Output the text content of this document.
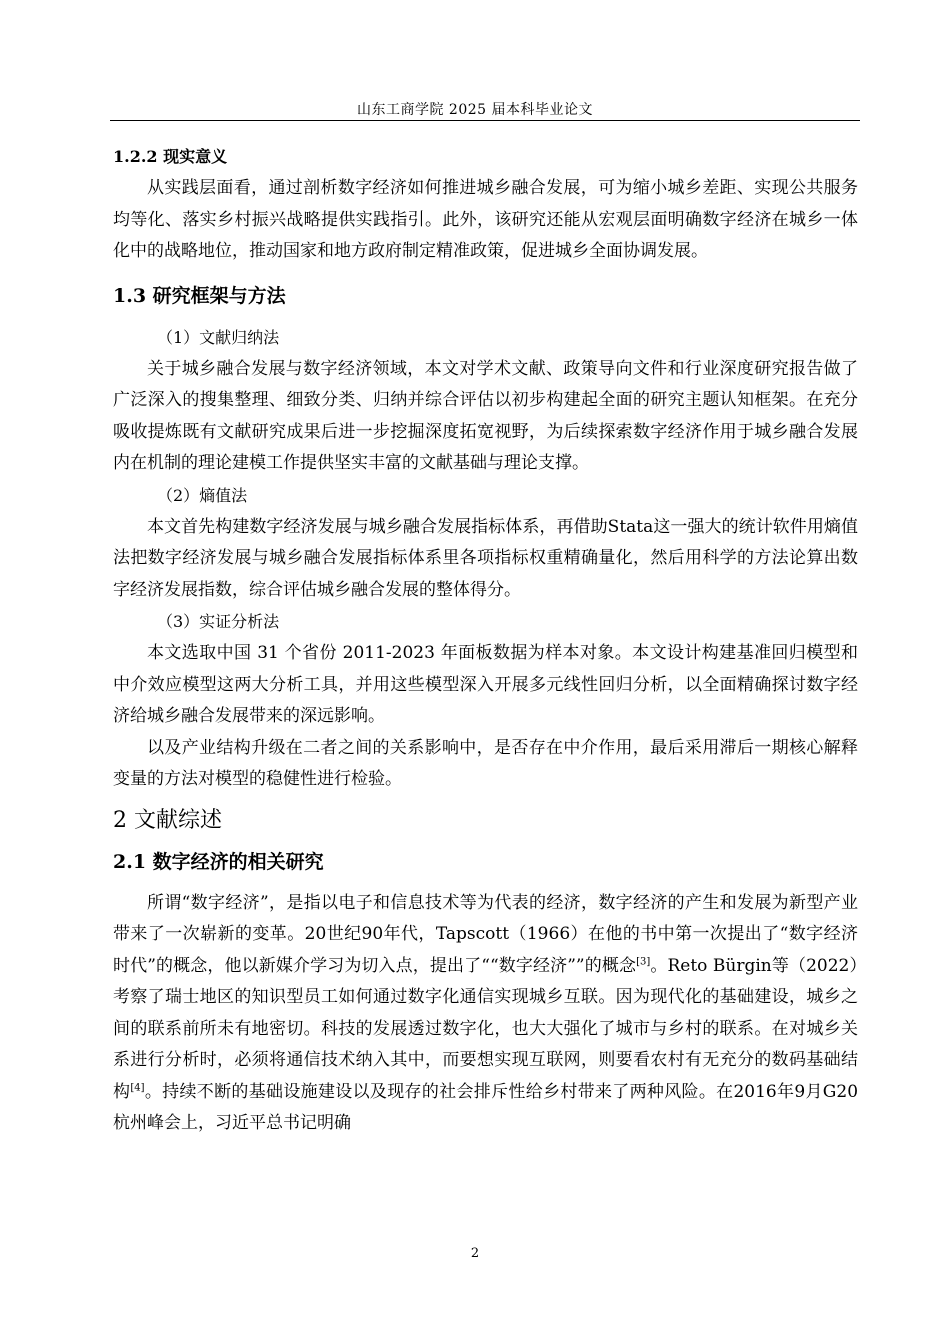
山东工商学院 2025 届本科毕业论文
1.2.2 现实意义

从实践层面看，通过剖析数字经济如何推进城乡融合发展，可为缩小城乡差距、实现公共服务均等化、落实乡村振兴战略提供实践指引。此外，该研究还能从宏观层面明确数字经济在城乡一体化中的战略地位，推动国家和地方政府制定精准政策，促进城乡全面协调发展。

1.3 研究框架与方法
（1）文献归纳法

关于城乡融合发展与数字经济领域，本文对学术文献、政策导向文件和行业深度研究报告做了广泛深入的搜集整理、细致分类、归纳并综合评估以初步构建起全面的研究主题认知框架。在充分吸收提炼既有文献研究成果后进一步挖掘深度拓宽视野，为后续探索数字经济作用于城乡融合发展内在机制的理论建模工作提供坚实丰富的文献基础与理论支撑。

（2）熵值法

本文首先构建数字经济发展与城乡融合发展指标体系，再借助Stata这一强大的统计软件用熵值法把数字经济发展与城乡融合发展指标体系里各项指标权重精确量化，然后用科学的方法论算出数字经济发展指数，综合评估城乡融合发展的整体得分。

（3）实证分析法

本文选取中国 31 个省份 2011-2023 年面板数据为样本对象。本文设计构建基准回归模型和中介效应模型这两大分析工具，并用这些模型深入开展多元线性回归分析，以全面精确探讨数字经济给城乡融合发展带来的深远影响。

以及产业结构升级在二者之间的关系影响中，是否存在中介作用，最后采用滞后一期核心解释变量的方法对模型的稳健性进行检验。

2 文献综述
2.1 数字经济的相关研究

所谓“数字经济”，是指以电子和信息技术等为代表的经济，数字经济的产生和发展为新型产业带来了一次崭新的变革。20世纪90年代，Tapscott（1966）在他的书中第一次提出了“数字经济时代”的概念，他以新媒介学习为切入点，提出了““数字经济””的概念[3]。Reto Bürgin等（2022）考察了瑞士地区的知识型员工如何通过数字化通信实现城乡互联。因为现代化的基础建设，城乡之间的联系前所未有地密切。科技的发展透过数字化，也大大强化了城市与乡村的联系。在对城乡关系进行分析时，必须将通信技术纳入其中，而要想实现互联网，则要看农村有无充分的数码基础结构[4]。持续不断的基础设施建设以及现存的社会排斥性给乡村带来了两种风险。在2016年9月G20杭州峰会上，习近平总书记明确

2
